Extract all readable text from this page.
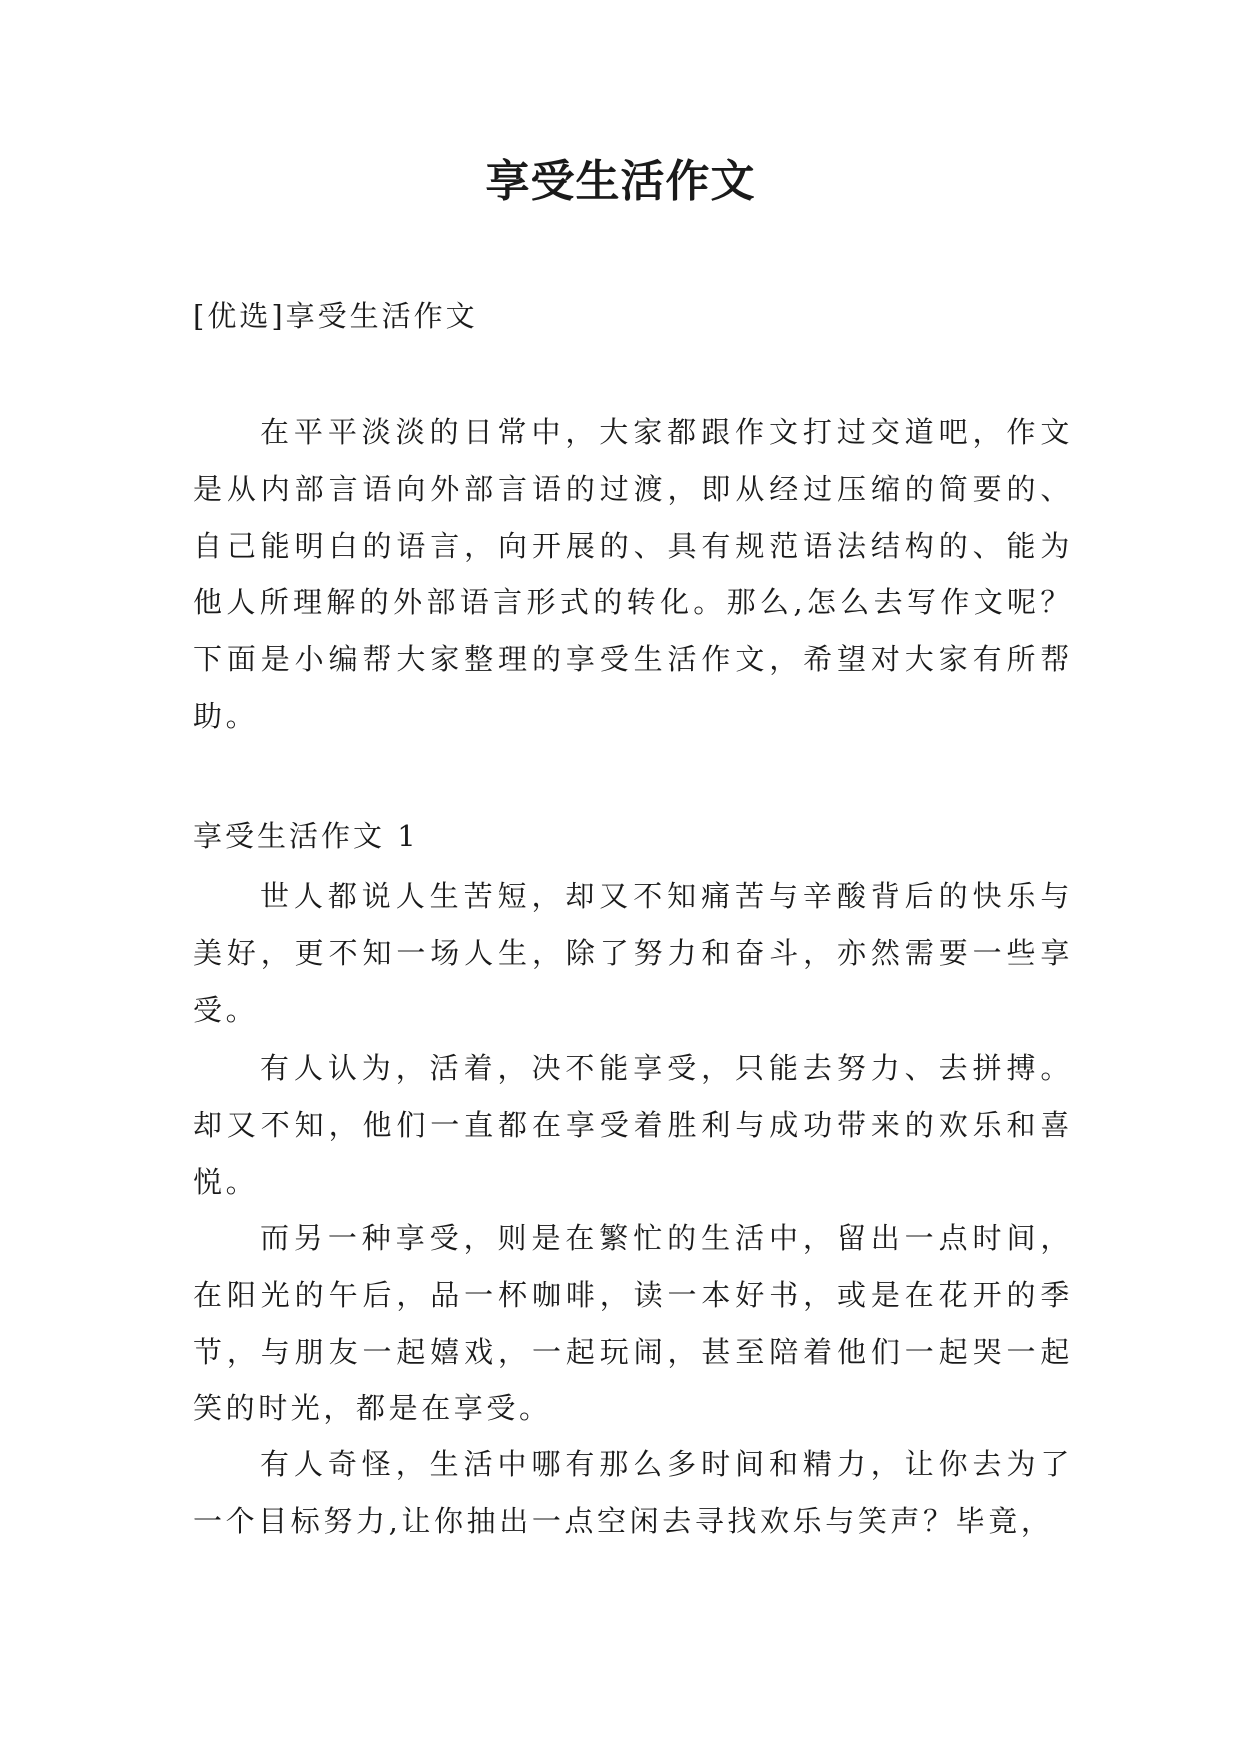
享受生活作文
[优选]享受生活作文

在平平淡淡的日常中，大家都跟作文打过交道吧，作文是从内部言语向外部言语的过渡，即从经过压缩的简要的、自己能明白的语言，向开展的、具有规范语法结构的、能为他人所理解的外部语言形式的转化。那么,怎么去写作文呢？下面是小编帮大家整理的享受生活作文，希望对大家有所帮助。

享受生活作文 1

世人都说人生苦短，却又不知痛苦与辛酸背后的快乐与美好，更不知一场人生，除了努力和奋斗，亦然需要一些享受。

有人认为，活着，决不能享受，只能去努力、去拼搏。却又不知，他们一直都在享受着胜利与成功带来的欢乐和喜悦。

而另一种享受，则是在繁忙的生活中，留出一点时间，在阳光的午后，品一杯咖啡，读一本好书，或是在花开的季节，与朋友一起嬉戏，一起玩闹，甚至陪着他们一起哭一起笑的时光，都是在享受。

有人奇怪，生活中哪有那么多时间和精力，让你去为了一个目标努力,让你抽出一点空闲去寻找欢乐与笑声？毕竟，
